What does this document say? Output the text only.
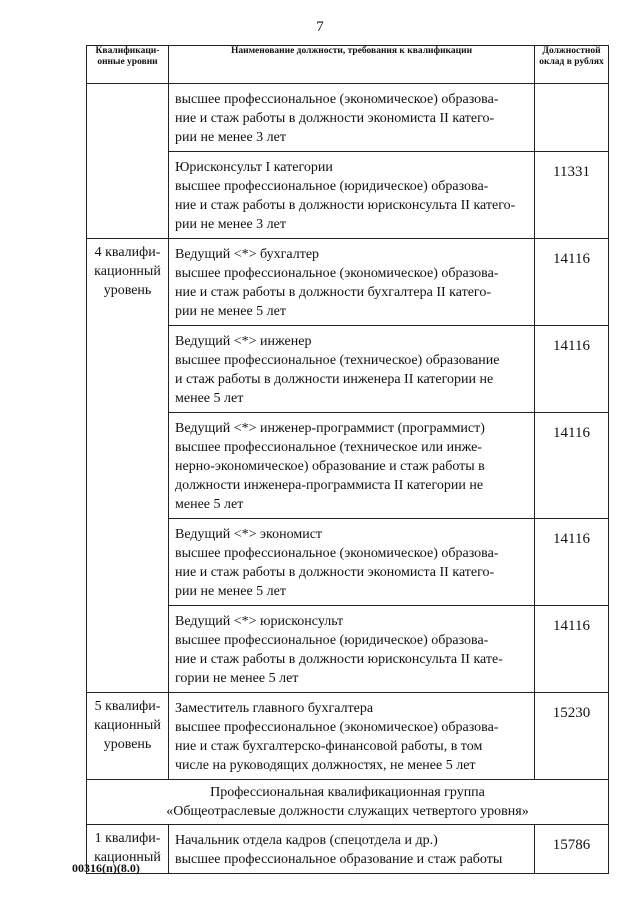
7
Квалификаци-
онные уровни	Наименование должности, требования к квалификации	Должностной
оклад в рублях

	высшее профессиональное (экономическое) образова-
ние и стаж работы в должности экономиста II катего-
рии не менее 3 лет	

	Юрисконсульт I категории
высшее профессиональное (юридическое) образова-
ние и стаж работы в должности юрисконсульта II катего-
рии не менее 3 лет	11331

4 квалифи-
кационный
уровень	Ведущий <*> бухгалтер
высшее профессиональное (экономическое) образова-
ние и стаж работы в должности бухгалтера II катего-
рии не менее 5 лет	14116

	Ведущий <*> инженер
высшее профессиональное (техническое) образование
и стаж работы в должности инженера II категории не
менее 5 лет	14116

	Ведущий <*> инженер-программист (программист)
высшее профессиональное (техническое или инже-
нерно-экономическое) образование и стаж работы в
должности инженера-программиста II категории не
менее 5 лет	14116

	Ведущий <*> экономист
высшее профессиональное (экономическое) образова-
ние и стаж работы в должности экономиста II катего-
рии не менее 5 лет	14116

	Ведущий <*> юрисконсульт
высшее профессиональное (юридическое) образова-
ние и стаж работы в должности юрисконсульта II кате-
гории не менее 5 лет	14116

5 квалифи-
кационный
уровень	Заместитель главного бухгалтера
высшее профессиональное (экономическое) образова-
ние и стаж бухгалтерско-финансовой работы, в том
числе на руководящих должностях, не менее 5 лет	15230

Профессиональная квалификационная группа
«Общеотраслевые должности служащих четвертого уровня»		

1 квалифи-
кационный	Начальник отдела кадров (спецотдела и др.)
высшее профессиональное образование и стаж работы	15786
00316(п)(8.0)
